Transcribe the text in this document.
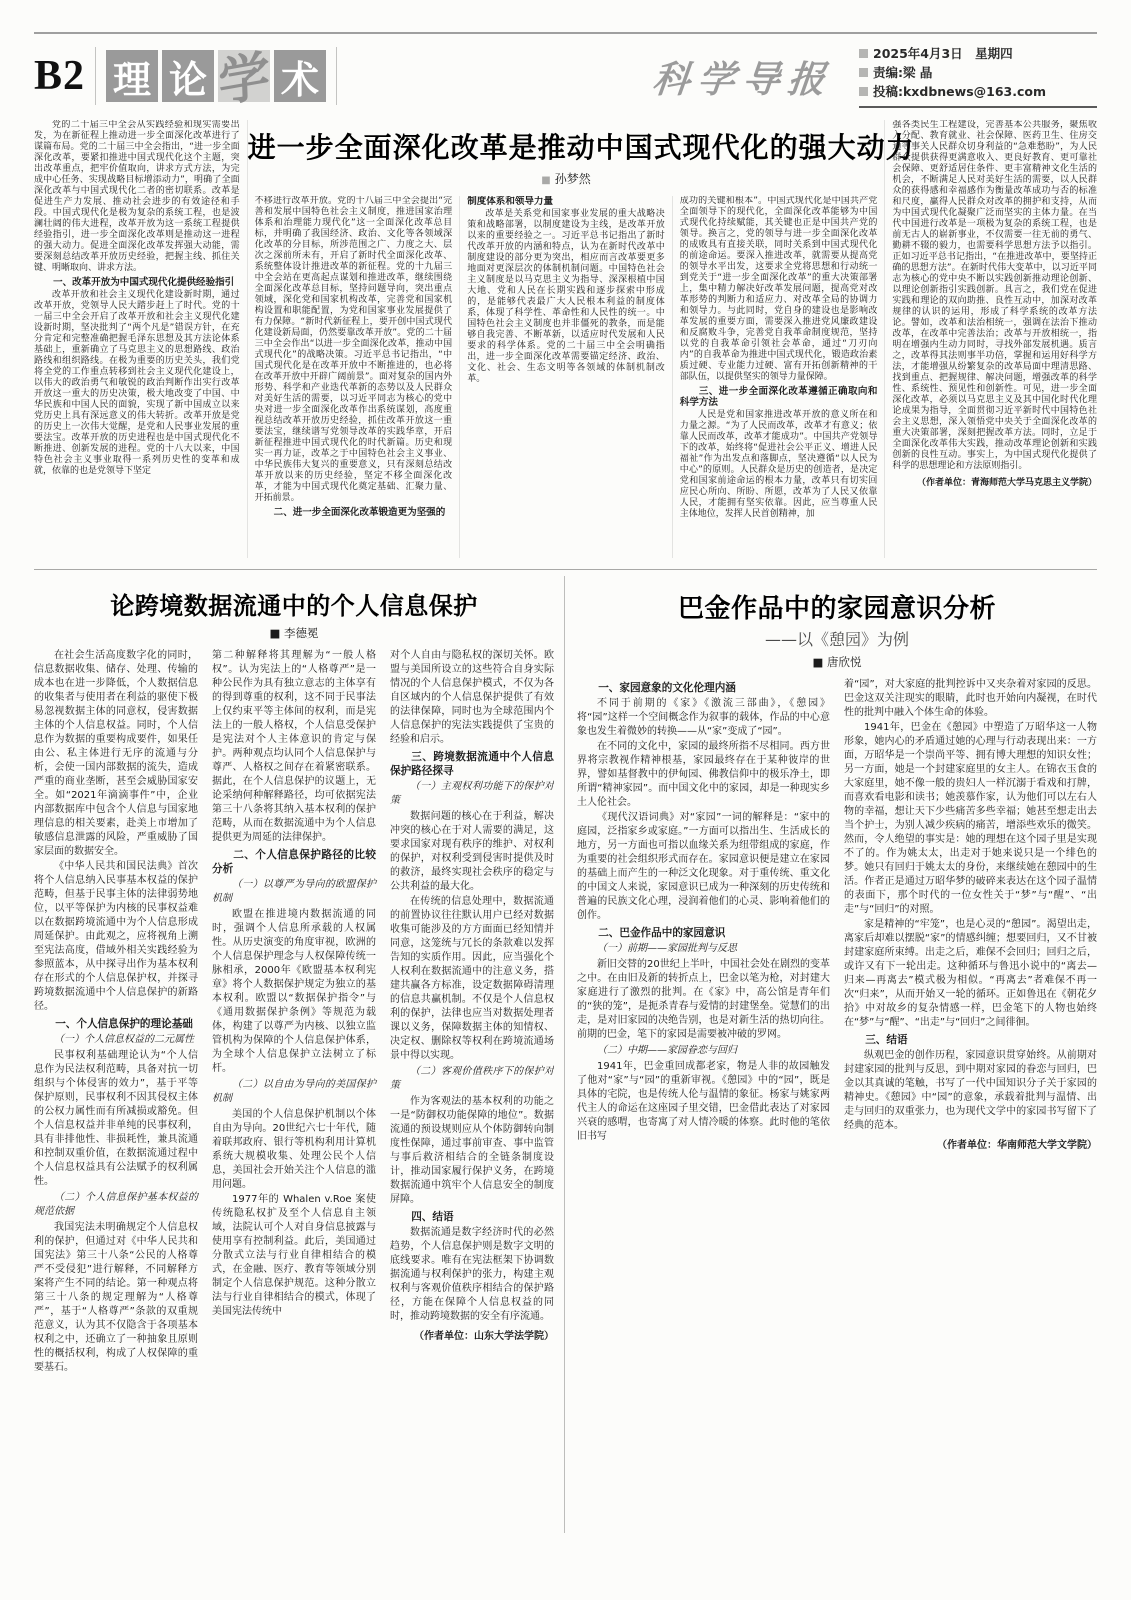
B2 理 论 学 术	科学导报
2025年4月3日　星期四
责编:梁 晶
投稿:kxdbnews@163.com
党的二十届三中全会从实践经验和现实需要出发，为在新征程上推动进一步全面深化改革进行了谋篇布局。党的二十届三中全会指出，“进一步全面深化改革，要紧扣推进中国式现代化这个主题，突出改革重点，把牢价值取向，讲求方式方法，为完成中心任务、实现战略目标增添动力”，明确了全面深化改革与中国式现代化二者的密切联系。改革是促进生产力发展、推动社会进步的有效途径和手段。中国式现代化是极为复杂的系统工程，也是波澜壮阔的伟大进程，改革开放为这一系统工程提供经验指引，进一步全面深化改革则是推动这一进程的强大动力。促进全面深化改革发挥强大动能，需要深刻总结改革开放历史经验，把握主线、抓住关键、明晰取向、讲求方法。
一、改革开放为中国式现代化提供经验指引
改革开放和社会主义现代化建设新时期，通过改革开放，党领导人民大踏步赶上了时代。党的十一届三中全会开启了改革开放和社会主义现代化建设新时期，坚决批判了“两个凡是”错误方针，在充分肯定和完整准确把握毛泽东思想及其方法论体系基础上，重新确立了马克思主义的思想路线、政治路线和组织路线。在极为重要的历史关头，我们党将全党的工作重点转移到社会主义现代化建设上，以伟大的政治勇气和敏锐的政治判断作出实行改革开放这一重大的历史决策，极大地改变了中国、中华民族和中国人民的面貌，实现了新中国成立以来党历史上具有深远意义的伟大转折。改革开放是党的历史上一次伟大觉醒，是党和人民事业发展的重要法宝。改革开放的历史进程也是中国式现代化不断推进、创新发展的进程。党的十八大以来，中国特色社会主义事业取得一系列历史性的变革和成就，依靠的也是党领导下坚定
进一步全面深化改革是推动中国式现代化的强大动力
■ 孙梦然
不移进行改革开放。党的十八届三中全会提出“完善和发展中国特色社会主义制度，推进国家治理体系和治理能力现代化”这一全面深化改革总目标，并明确了我国经济、政治、文化等各领域深化改革的分目标，所涉范围之广、力度之大、层次之深前所未有，开启了新时代全面深化改革、系统整体设计推进改革的新征程。党的十九届三中全会站在更高起点谋划和推进改革，继续围绕全面深化改革总目标，坚持问题导向，突出重点领域，深化党和国家机构改革，完善党和国家机构设置和职能配置，为党和国家事业发展提供了有力保障。“新时代新征程上，要开创中国式现代化建设新局面，仍然要靠改革开放”。党的二十届三中全会作出“以进一步全面深化改革，推动中国式现代化”的战略决策。习近平总书记指出，“中国式现代化是在改革开放中不断推进的，也必将在改革开放中开辟广阔前景”。面对复杂的国内外形势、科学和产业迭代革新的态势以及人民群众对美好生活的需要，以习近平同志为核心的党中央对进一步全面深化改革作出系统谋划，高度重视总结改革开放历史经验，抓住改革开放这一重要法宝，继续谱写党领导改革的实践华章，开启新征程推进中国式现代化的时代新篇。历史和现实一再力证，改革之于中国特色社会主义事业、中华民族伟大复兴的重要意义，只有深刻总结改革开放以来的历史经验，坚定不移全面深化改革，才能为中国式现代化奠定基础、汇聚力量、开拓前景。
二、进一步全面深化改革锻造更为坚强的
制度体系和领导力量
改革是关系党和国家事业发展的重大战略决策和战略部署，以制度建设为主线，是改革开放以来的重要经验之一。习近平总书记指出了新时代改革开放的内涵和特点，认为在新时代改革中制度建设的部分更为突出，相应而言改革要更多地面对更深层次的体制机制问题。中国特色社会主义制度是以马克思主义为指导、深深根植中国大地、党和人民在长期实践和逐步探索中形成的，是能够代表最广大人民根本利益的制度体系，体现了科学性、革命性和人民性的统一。中国特色社会主义制度也并非僵死的教条，而是能够自我完善、不断革新，以适应时代发展和人民要求的科学体系。党的二十届三中全会明确指出，进一步全面深化改革需要锚定经济、政治、文化、社会、生态文明等各领域的体制机制改革。
成功的关键和根本”。中国式现代化是中国共产党全面领导下的现代化，全面深化改革能够为中国式现代化持续赋能，其关键也正是中国共产党的领导。换言之，党的领导与进一步全面深化改革的成败具有直接关联，同时关系到中国式现代化的前途命运。要深入推进改革，就需要从提高党的领导水平出发，这要求全党将思想和行动统一到党关于“进一步全面深化改革”的重大决策部署上，集中精力解决好改革发展问题，提高党对改革形势的判断力和适应力、对改革全局的协调力和领导力。与此同时，党自身的建设也是影响改革发展的重要方面，需要深入推进党风廉政建设和反腐败斗争，完善党自我革命制度规范，坚持以党的自我革命引领社会革命，通过“刀刃向内”的自我革命为推进中国式现代化，锻造政治素质过硬、专业能力过硬、富有开拓创新精神的干部队伍，以提供坚实的领导力量保障。
三、进一步全面深化改革遵循正确取向和科学方法
人民是党和国家推进改革开放的意义所在和力量之源。“为了人民而改革，改革才有意义；依靠人民而改革，改革才能成功”。中国共产党领导下的改革，始终将“促进社会公平正义、增进人民福祉”作为出发点和落脚点，坚决遵循“以人民为中心”的原则。人民群众是历史的创造者，是决定党和国家前途命运的根本力量，改革只有切实回应民心所向、所盼、所愿，改革为了人民又依靠人民，才能拥有坚实依靠。因此，应当尊重人民主体地位，发挥人民首创精神，加
强各类民生工程建设，完善基本公共服务，聚焦收入分配、教育就业、社会保障、医药卫生、住房交通等事关人民群众切身利益的“急难愁盼”，为人民群众提供获得更满意收入、更良好教育、更可靠社会保障、更舒适居住条件、更丰富精神文化生活的机会，不断满足人民对美好生活的需要，以人民群众的获得感和幸福感作为衡量改革成功与否的标准和尺度，赢得人民群众对改革的拥护和支持，从而为中国式现代化凝聚广泛而坚实的主体力量。在当代中国进行改革是一项极为复杂的系统工程，也是前无古人的崭新事业，不仅需要一往无前的勇气、勤耕不辍的毅力，也需要科学思想方法予以指引。正如习近平总书记指出，“在推进改革中，要坚持正确的思想方法”。在新时代伟大变革中，以习近平同志为核心的党中央不断以实践创新推动理论创新、以理论创新指引实践创新。具言之，我们党在促进实践和理论的双向助推、良性互动中，加深对改革规律的认识的运用，形成了科学系统的改革方法论。譬如，改革和法治相统一，强调在法治下推动改革，在改革中完善法治；改革与开放相统一，指明在增强内生动力同时，寻找外部发展机遇。质言之，改革得其法则事半功倍，掌握和运用好科学方法，才能增强从纷繁复杂的改革局面中理清思路、找到重点、把握规律、解决问题，增强改革的科学性、系统性、预见性和创新性。可见，进一步全面深化改革，必须以马克思主义及其中国化时代化理论成果为指导，全面贯彻习近平新时代中国特色社会主义思想，深入领悟党中央关于全面深化改革的重大决策部署，深刻把握改革方法。同时，立足于全面深化改革伟大实践，推动改革理论创新和实践创新的良性互动。事实上，为中国式现代化提供了科学的思想理论和方法原则指引。
（作者单位：青海师范大学马克思主义学院）
论跨境数据流通中的个人信息保护
■ 李德冕
在社会生活高度数字化的同时，信息数据收集、储存、处理、传输的成本也在进一步降低，个人数据信息的收集者与使用者在利益的驱使下极易忽视数据主体的同意权，侵害数据主体的个人信息权益。同时，个人信息作为数据的重要构成要件，如果任由公、私主体进行无序的流通与分析，会使一国内部数据的流失，造成严重的商业垄断，甚至会威胁国家安全。如“2021年滴滴事件”中，企业内部数据库中包含个人信息与国家地理信息的相关要素，赴美上市增加了敏感信息泄露的风险，严重威胁了国家层面的数据安全。
《中华人民共和国民法典》首次将个人信息纳入民事基本权益的保护范畴，但基于民事主体的法律弱势地位，以平等保护为内核的民事权益难以在数据跨境流通中为个人信息形成周延保护。由此观之，应将视角上溯至宪法高度，借域外相关实践经验为参照蓝本，从中探寻出作为基本权利存在形式的个人信息保护权，并探寻跨境数据流通中个人信息保护的新路径。
一、个人信息保护的理论基础
（一）个人信息权益的二元属性
民事权利基础理论认为“个人信息作为民法权利范畴，具备对抗一切组织与个体侵害的效力”，基于平等保护原则，民事权利不因其侵权主体的公权力属性而有所减损或豁免。但个人信息权益并非单纯的民事权利，具有非排他性、非损耗性，兼具流通和控制双重价值，在数据流通过程中个人信息权益具有公法赋予的权利属性。
（二）个人信息保护基本权益的规范依据
我国宪法未明确规定个人信息权利的保护，但通过对《中华人民共和国宪法》第三十八条“公民的人格尊严不受侵犯”进行解释，不同解释方案将产生不同的结论。第一种观点将第三十八条的规定理解为“人格尊严”，基于“人格尊严”条款的双重规范意义，认为其不仅隐含于各项基本权利之中，还确立了一种抽象且原则性的概括权利，构成了人权保障的重要基石。
第二种解释将其理解为“一般人格权”。认为宪法上的“人格尊严”是一种公民作为具有独立意志的主体享有的得到尊重的权利，这不同于民事法上仅约束平等主体间的权利，而是宪法上的一般人格权，个人信息受保护是宪法对个人主体意识的肯定与保护。两种观点均认同个人信息保护与尊严、人格权之间存在着紧密联系。据此，在个人信息保护的议题上，无论采纳何种解释路径，均可依据宪法第三十八条将其纳入基本权利的保护范畴，从而在数据流通中为个人信息提供更为周延的法律保护。
二、个人信息保护路径的比较分析
（一）以尊严为导向的欧盟保护机制
欧盟在推进境内数据流通的同时，强调个人信息所承载的人权属性。从历史演变的角度审视，欧洲的个人信息保护理念与人权保障传统一脉相承，2000年《欧盟基本权利宪章》将个人数据保护规定为独立的基本权利。欧盟以“数据保护指令”与《通用数据保护条例》等规范为载体，构建了以尊严为内核、以独立监管机构为保障的个人信息保护体系，为全球个人信息保护立法树立了标杆。
（二）以自由为导向的美国保护机制
美国的个人信息保护机制以个体自由为导向。20世纪六七十年代，随着联邦政府、银行等机构利用计算机系统大规模收集、处理公民个人信息，美国社会开始关注个人信息的滥用问题。
1977年的 Whalen v.Roe 案使传统隐私权扩及至个人信息自主领域，法院认可个人对自身信息披露与使用享有控制利益。此后，美国通过分散式立法与行业自律相结合的模式，在金融、医疗、教育等领域分别制定个人信息保护规范。这种分散立法与行业自律相结合的模式，体现了美国宪法传统中
对个人自由与隐私权的深切关怀。欧盟与美国所设立的这些符合自身实际情况的个人信息保护模式，不仅为各自区域内的个人信息保护提供了有效的法律保障，同时也为全球范围内个人信息保护的宪法实践提供了宝贵的经验和启示。
三、跨境数据流通中个人信息保护路径探寻
（一）主观权利功能下的保护对策
数据问题的核心在于利益，解决冲突的核心在于对人需要的满足，这要求国家对现有秩序的维护、对权利的保护，对权利受到侵害时提供及时的救济，最终实现社会秩序的稳定与公共利益的最大化。
在传统的信息处理中，数据流通的前置协议往往默认用户已经对数据收集可能涉及的方方面面已经知情并同意，这笼统与冗长的条款难以发挥告知的实质作用。因此，应当强化个人权利在数据流通中的注意义务，搭建共赢各方标准，设定数据障碍清理的信息共赢机制。不仅是个人信息权利的保护，法律也应当对数据处理者课以义务，保障数据主体的知情权、决定权、删除权等权利在跨境流通场景中得以实现。
（二）客观价值秩序下的保护对策
作为客观法的基本权利的功能之一是“防御权功能保障的地位”。数据流通的预设规则应从个体防御转向制度性保障，通过事前审查、事中监管与事后救济相结合的全链条制度设计，推动国家履行保护义务，在跨境数据流通中筑牢个人信息安全的制度屏障。
四、结语
数据流通是数字经济时代的必然趋势，个人信息保护则是数字文明的底线要求。唯有在宪法框架下协调数据流通与权利保护的张力，构建主观权利与客观价值秩序相结合的保护路径，方能在保障个人信息权益的同时，推动跨境数据的安全有序流通。
（作者单位：山东大学法学院）
巴金作品中的家园意识分析
——以《憩园》为例
■ 唐欣悦
一、家园意象的文化伦理内涵
不同于前期的《家》《激流三部曲》，《憩园》将“园”这样一个空间概念作为叙事的载体，作品的中心意象也发生着微妙的转换——从“家”变成了“园”。
在不同的文化中，家园的最终所指不尽相同。西方世界将宗教视作精神根基，家园最终存在于某种彼岸的世界，譬如基督教中的伊甸园、佛教信仰中的极乐净土，即所谓“精神家园”。而中国文化中的家园，却是一种现实乡土人伦社会。
《现代汉语词典》对“家园”一词的解释是：“家中的庭园，泛指家乡或家庭。”一方面可以指出生、生活成长的地方，另一方面也可指以血缘关系为纽带组成的家庭，作为重要的社会组织形式而存在。家园意识便是建立在家园的基础上而产生的一种泛文化现象。对于重传统、重文化的中国文人来说，家园意识已成为一种深刻的历史传统和普遍的民族文化心理，浸润着他们的心灵、影响着他们的创作。
二、巴金作品中的家园意识
（一）前期——家园批判与反思
新旧交替的20世纪上半叶，中国社会处在剧烈的变革之中。在由旧及新的转折点上，巴金以笔为枪，对封建大家庭进行了激烈的批判。在《家》中，高公馆是青年们的“狭的笼”，是扼杀青春与爱情的封建堡垒。觉慧们的出走，是对旧家园的决绝告别，也是对新生活的热切向往。前期的巴金，笔下的家园是需要被冲破的罗网。
（二）中期——家园眷恋与回归
1941年，巴金重回成都老家，物是人非的故园触发了他对“家”与“园”的重新审视。《憩园》中的“园”，既是具体的宅院，也是传统人伦与温情的象征。杨家与姚家两代主人的命运在这座园子里交错，巴金借此表达了对家园兴衰的感喟，也寄寓了对人情冷暖的体察。此时他的笔依旧书写
着“园”，对大家庭的批判控诉中又夹杂着对家园的反思。巴金这双关注现实的眼睛，此时也开始向内凝视，在时代性的批判中融入个体生命的体验。
1941年，巴金在《憩园》中塑造了万昭华这一人物形象，她内心的矛盾通过她的心理与行动表现出来：一方面，万昭华是一个崇尚平等、拥有博大理想的知识女性；另一方面，她是一个封建家庭里的女主人。在锦衣玉食的大家庭里，她不像一般的贵妇人一样沉溺于看戏和打牌，而喜欢看电影和读书；她羡慕作家，认为他们可以左右人物的幸福，想让天下少些痛苦多些幸福；她甚至想走出去当个护士，为别人减少疾病的痛苦，增添些欢乐的微笑。然而，令人绝望的事实是：她的理想在这个园子里是实现不了的。作为姚太太，出走对于她来说只是一个绯色的梦。她只有回归于姚太太的身份，来继续她在憩园中的生活。作者正是通过万昭华梦的破碎来表达在这个园子温情的表面下，那个时代的一位女性关于“梦”与“醒”、“出走”与“回归”的对照。
家是精神的“牢笼”，也是心灵的“憩园”。渴望出走，离家后却难以摆脱“家”的情感纠缠；想要回归，又不甘被封建家庭所束缚。出走之后，难保不会回归；回归之后，或许又有下一轮出走。这种循环与鲁迅小说中的“离去—归来—再离去”模式极为相似。“再离去”者难保不再一次“归来”，从而开始又一轮的循环。正如鲁迅在《朝花夕拾》中对故乡的复杂情感一样，巴金笔下的人物也始终在“梦”与“醒”、“出走”与“回归”之间徘徊。
三、结语
纵观巴金的创作历程，家园意识贯穿始终。从前期对封建家园的批判与反思，到中期对家园的眷恋与回归，巴金以其真诚的笔触，书写了一代中国知识分子关于家园的精神史。《憩园》中“园”的意象，承载着批判与温情、出走与回归的双重张力，也为现代文学中的家园书写留下了经典的范本。
（作者单位：华南师范大学文学院）
